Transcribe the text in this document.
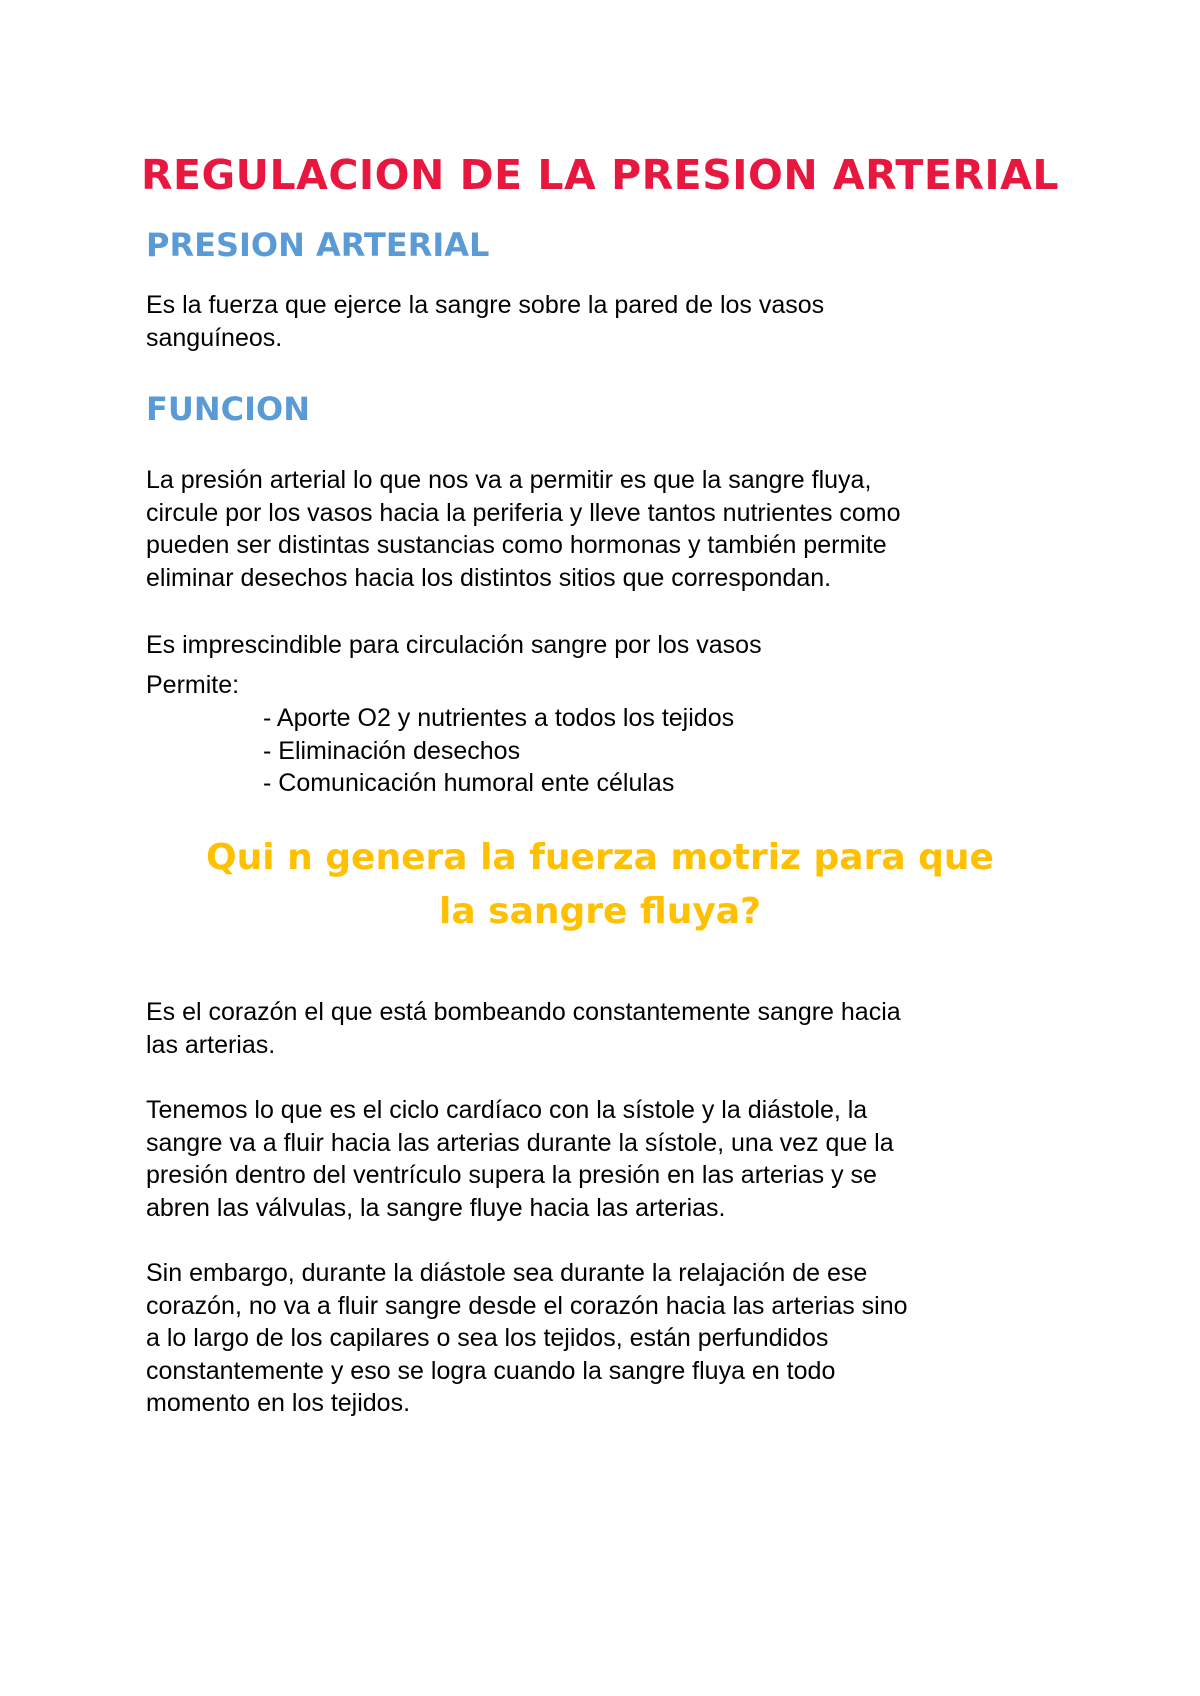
REGULACION DE LA PRESION ARTERIAL
PRESION ARTERIAL

Es la fuerza que ejerce la sangre sobre la pared de los vasos
sanguíneos.

FUNCION

La presión arterial lo que nos va a permitir es que la sangre fluya,
circule por los vasos hacia la periferia y lleve tantos nutrientes como
pueden ser distintas sustancias como hormonas y también permite
eliminar desechos hacia los distintos sitios que correspondan.

Es imprescindible para circulación sangre por los vasos

Permite:

- Aporte O2 y nutrientes a todos los tejidos
- Eliminación desechos
- Comunicación humoral ente células
Qui n genera la fuerza motriz para que
la sangre fluya?

Es el corazón el que está bombeando constantemente sangre hacia
las arterias.

Tenemos lo que es el ciclo cardíaco con la sístole y la diástole, la
sangre va a fluir hacia las arterias durante la sístole, una vez que la
presión dentro del ventrículo supera la presión en las arterias y se
abren las válvulas, la sangre fluye hacia las arterias.

Sin embargo, durante la diástole sea durante la relajación de ese
corazón, no va a fluir sangre desde el corazón hacia las arterias sino
a lo largo de los capilares o sea los tejidos, están perfundidos
constantemente y eso se logra cuando la sangre fluya en todo
momento en los tejidos.
